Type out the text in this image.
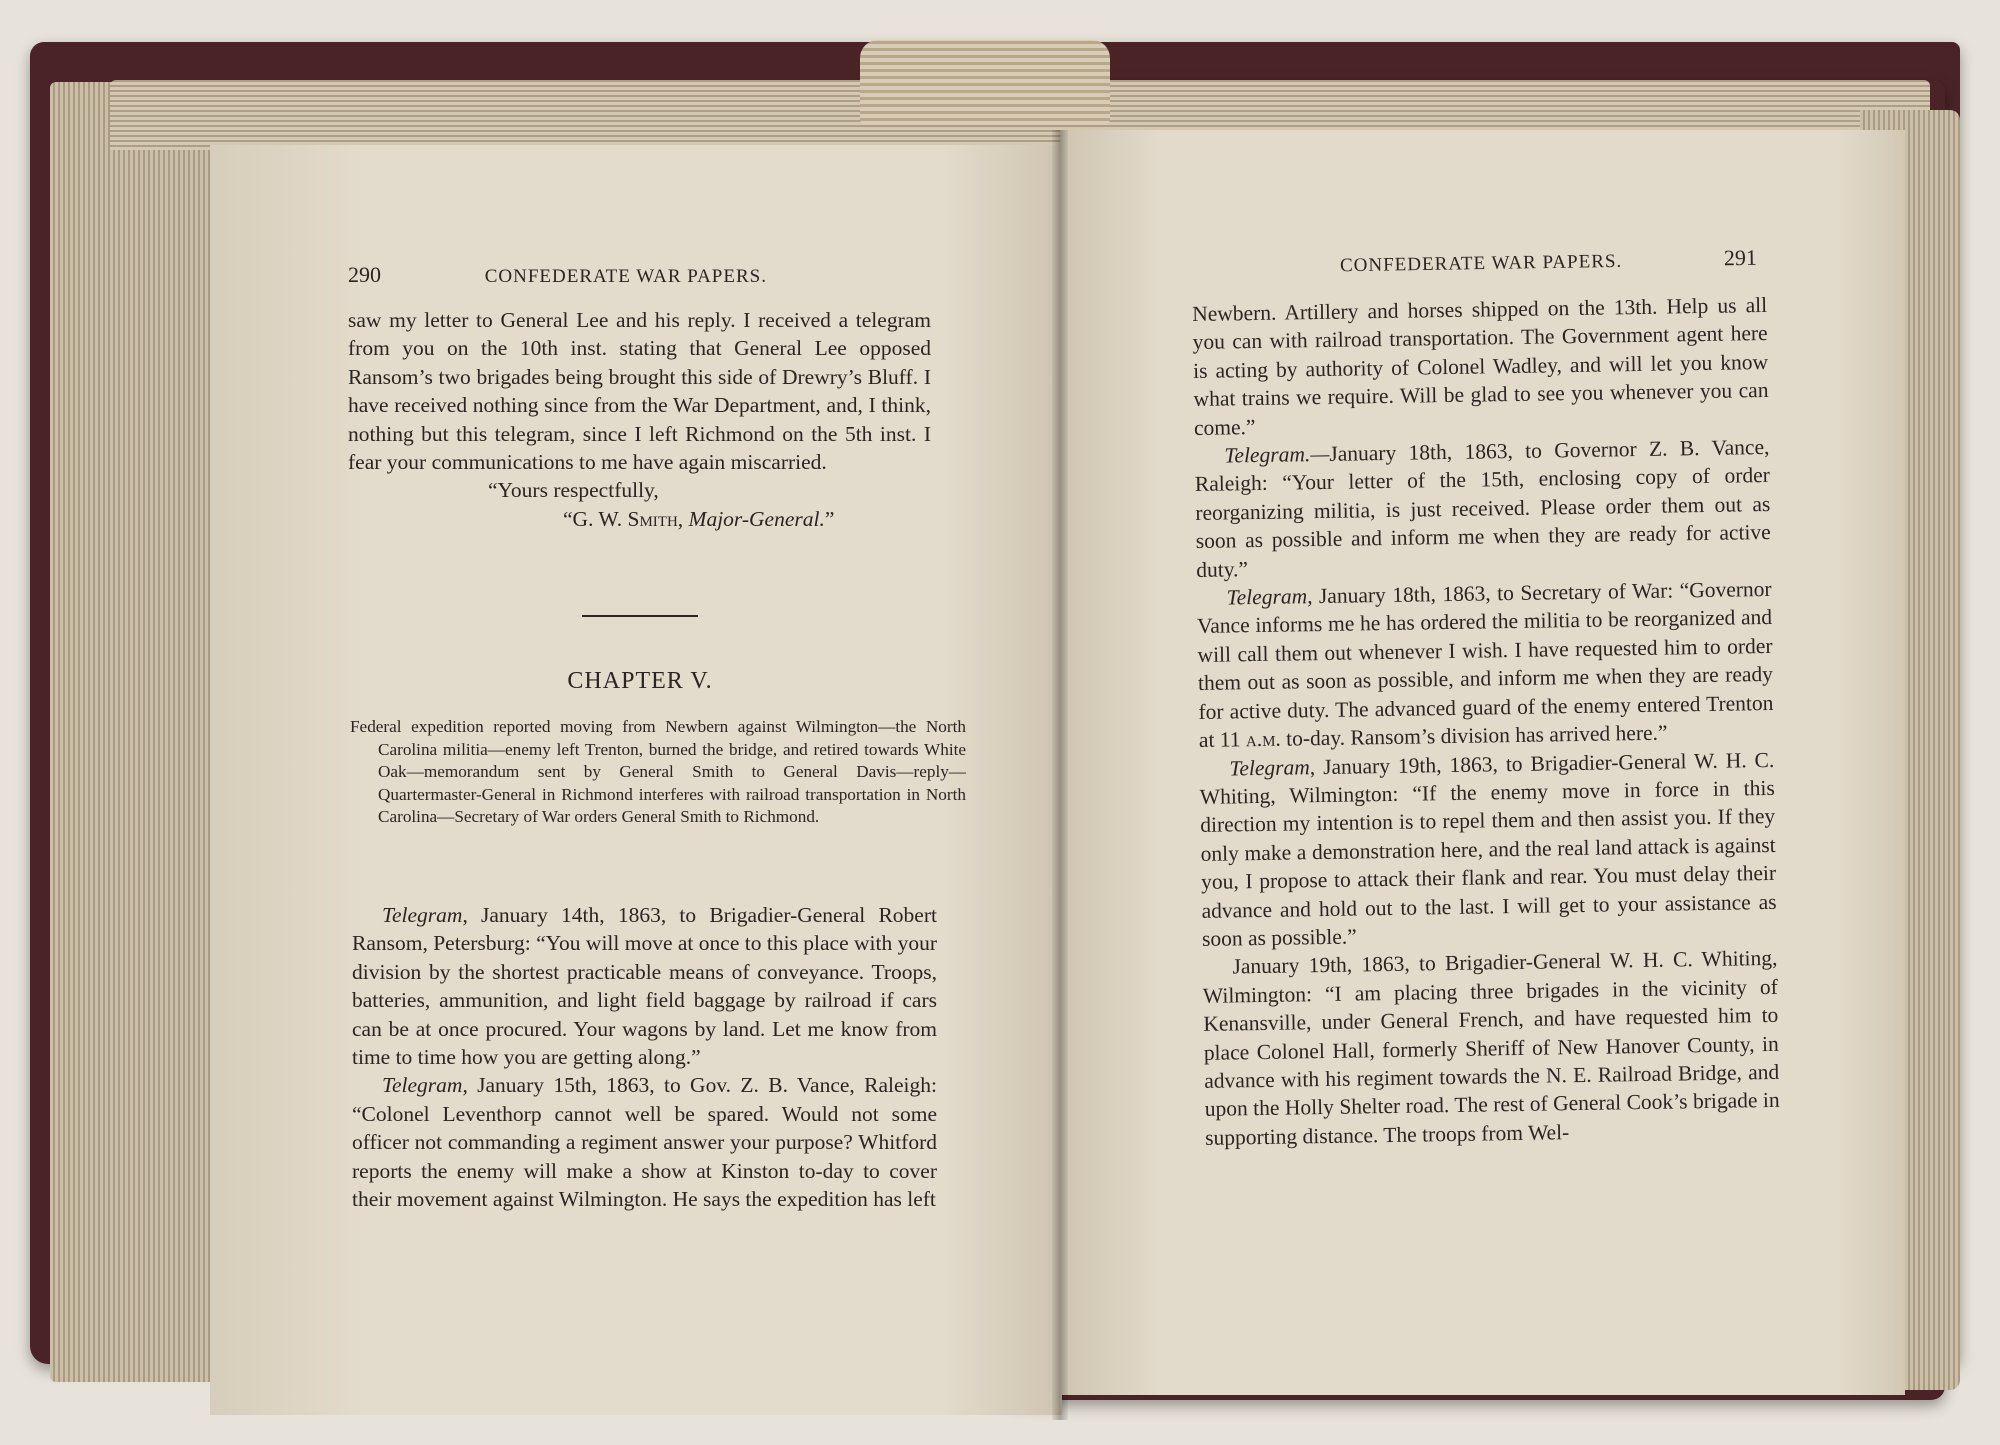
290	CONFEDERATE WAR PAPERS.

saw my letter to General Lee and his reply. I received a telegram from you on the 10th inst. stating that General Lee opposed Ransom’s two brigades being brought this side of Drewry’s Bluff. I have received nothing since from the War Department, and, I think, nothing but this telegram, since I left Richmond on the 5th inst. I fear your communications to me have again miscarried.

“Yours respectfully,

“G. W. Smith, Major-General.”

CHAPTER V.
Federal expedition reported moving from Newbern against Wilmington—the North Carolina militia—enemy left Trenton, burned the bridge, and retired towards White Oak—memorandum sent by General Smith to General Davis—reply—Quartermaster-General in Richmond interferes with railroad transportation in North Carolina—Secretary of War orders General Smith to Richmond.

Telegram, January 14th, 1863, to Brigadier-General Robert Ransom, Petersburg: “You will move at once to this place with your division by the shortest practicable means of conveyance. Troops, batteries, ammunition, and light field baggage by railroad if cars can be at once procured. Your wagons by land. Let me know from time to time how you are getting along.”

Telegram, January 15th, 1863, to Gov. Z. B. Vance, Raleigh: “Colonel Leventhorp cannot well be spared. Would not some officer not commanding a regiment answer your purpose? Whitford reports the enemy will make a show at Kinston to-day to cover their movement against Wilmington. He says the expedition has left

CONFEDERATE WAR PAPERS.	291

Newbern. Artillery and horses shipped on the 13th. Help us all you can with railroad transportation. The Government agent here is acting by authority of Colonel Wadley, and will let you know what trains we require. Will be glad to see you whenever you can come.”

Telegram.—January 18th, 1863, to Governor Z. B. Vance, Raleigh: “Your letter of the 15th, enclosing copy of order reorganizing militia, is just received. Please order them out as soon as possible and inform me when they are ready for active duty.”

Telegram, January 18th, 1863, to Secretary of War: “Governor Vance informs me he has ordered the militia to be reorganized and will call them out whenever I wish. I have requested him to order them out as soon as possible, and inform me when they are ready for active duty. The advanced guard of the enemy entered Trenton at 11 a.m. to-day. Ransom’s division has arrived here.”

Telegram, January 19th, 1863, to Brigadier-General W. H. C. Whiting, Wilmington: “If the enemy move in force in this direction my intention is to repel them and then assist you. If they only make a demonstration here, and the real land attack is against you, I propose to attack their flank and rear. You must delay their advance and hold out to the last. I will get to your assistance as soon as possible.”

January 19th, 1863, to Brigadier-General W. H. C. Whiting, Wilmington: “I am placing three brigades in the vicinity of Kenansville, under General French, and have requested him to place Colonel Hall, formerly Sheriff of New Hanover County, in advance with his regiment towards the N. E. Railroad Bridge, and upon the Holly Shelter road. The rest of General Cook’s brigade in supporting distance. The troops from Wel-
